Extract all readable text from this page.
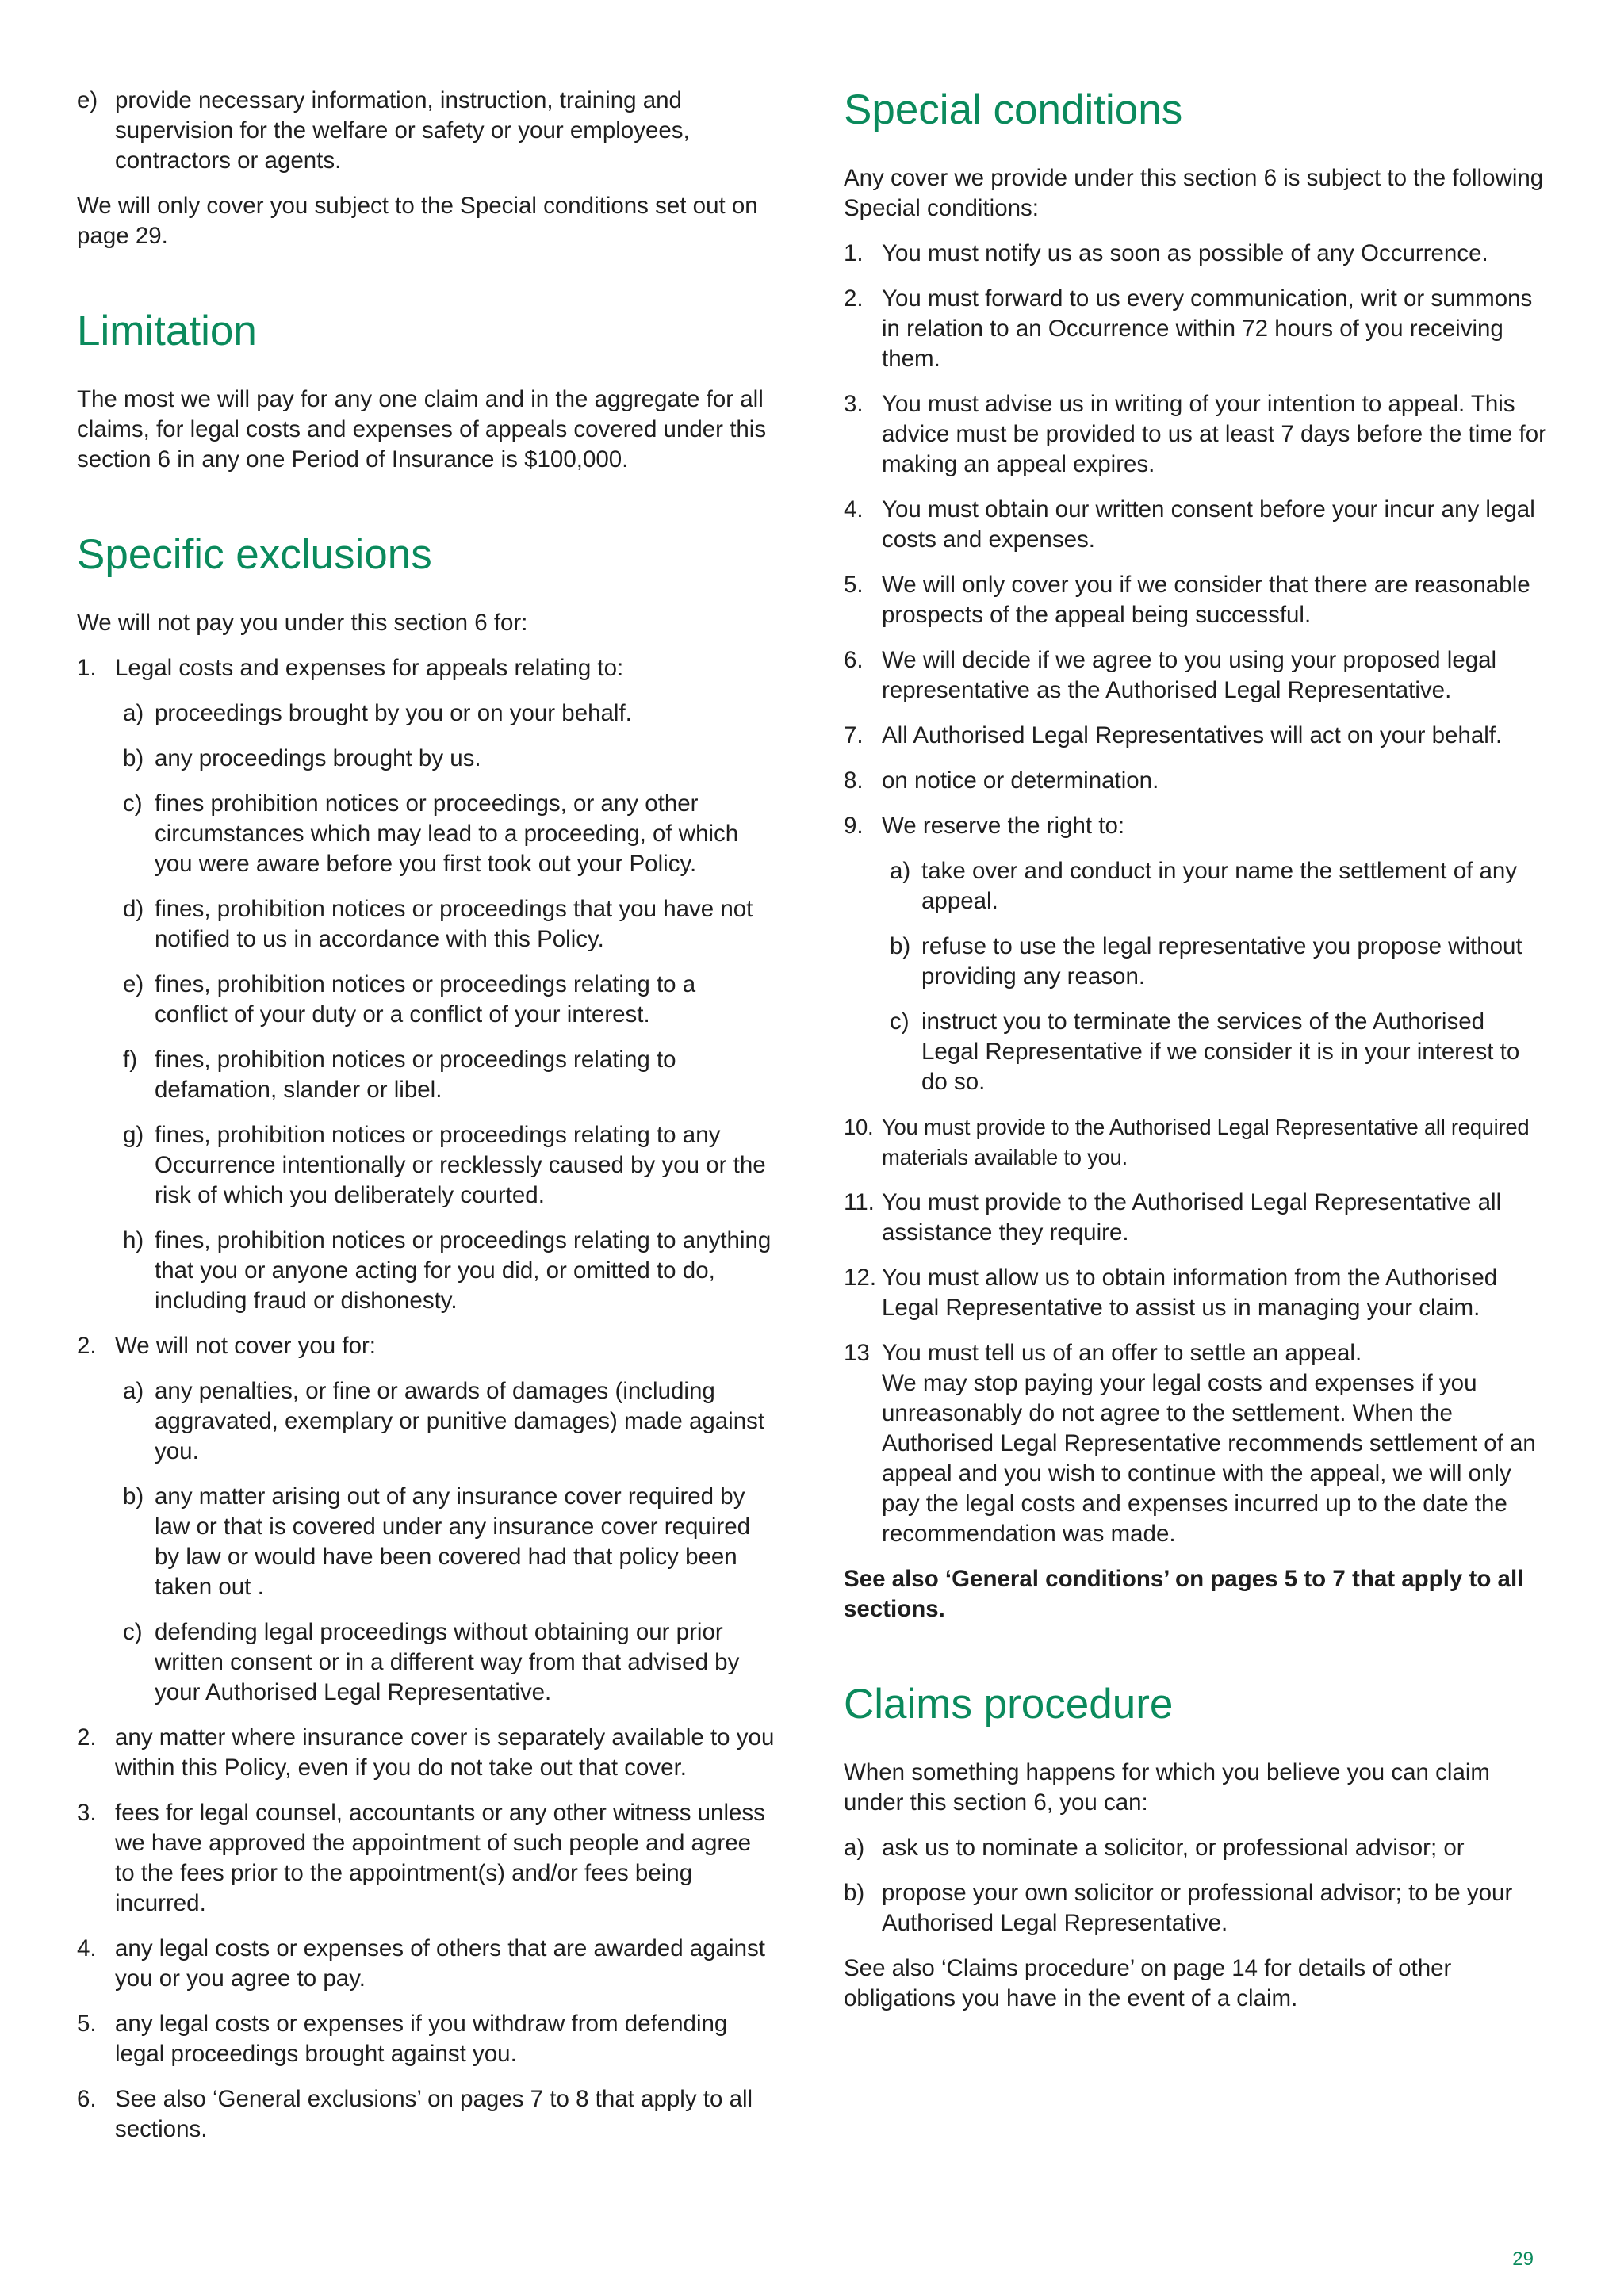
e) provide necessary information, instruction, training and supervision for the welfare or safety or your employees, contractors or agents.

We will only cover you subject to the Special conditions set out on page 29.

Limitation

The most we will pay for any one claim and in the aggregate for all claims, for legal costs and expenses of appeals covered under this section 6 in any one Period of Insurance is $100,000.

Specific exclusions

We will not pay you under this section 6 for:

1. Legal costs and expenses for appeals relating to:
a) proceedings brought by you or on your behalf.
b) any proceedings brought by us.
c) fines prohibition notices or proceedings, or any other circumstances which may lead to a proceeding, of which you were aware before you first took out your Policy.
d) fines, prohibition notices or proceedings that you have not notified to us in accordance with this Policy.
e) fines, prohibition notices or proceedings relating to a conflict of your duty or a conflict of your interest.
f) fines, prohibition notices or proceedings relating to defamation, slander or libel.
g) fines, prohibition notices or proceedings relating to any Occurrence intentionally or recklessly caused by you or the risk of which you deliberately courted.
h) fines, prohibition notices or proceedings relating to anything that you or anyone acting for you did, or omitted to do, including fraud or dishonesty.
2. We will not cover you for:
a) any penalties, or fine or awards of damages (including aggravated, exemplary or punitive damages) made against you.
b) any matter arising out of any insurance cover required by law or that is covered under any insurance cover required by law or would have been covered had that policy been taken out .
c) defending legal proceedings without obtaining our prior written consent or in a different way from that advised by your Authorised Legal Representative.
2. any matter where insurance cover is separately available to you within this Policy, even if you do not take out that cover.
3. fees for legal counsel, accountants or any other witness unless we have approved the appointment of such people and agree to the fees prior to the appointment(s) and/or fees being incurred.
4. any legal costs or expenses of others that are awarded against you or you agree to pay.
5. any legal costs or expenses if you withdraw from defending legal proceedings brought against you.
6. See also ‘General exclusions’ on pages 7 to 8 that apply to all sections.
Special conditions

Any cover we provide under this section 6 is subject to the following Special conditions:

1. You must notify us as soon as possible of any Occurrence.
2. You must forward to us every communication, writ or summons in relation to an Occurrence within 72 hours of you receiving them.
3. You must advise us in writing of your intention to appeal. This advice must be provided to us at least 7 days before the time for making an appeal expires.
4. You must obtain our written consent before your incur any legal costs and expenses.
5. We will only cover you if we consider that there are reasonable prospects of the appeal being successful.
6. We will decide if we agree to you using your proposed legal representative as the Authorised Legal Representative.
7. All Authorised Legal Representatives will act on your behalf.
8. on notice or determination.
9. We reserve the right to:
a) take over and conduct in your name the settlement of any appeal.
b) refuse to use the legal representative you propose without providing any reason.
c) instruct you to terminate the services of the Authorised Legal Representative if we consider it is in your interest to do so.
10. You must provide to the Authorised Legal Representative all required materials available to you.
11. You must provide to the Authorised Legal Representative all assistance they require.
12. You must allow us to obtain information from the Authorised Legal Representative to assist us in managing your claim.
13 You must tell us of an offer to settle an appeal.
We may stop paying your legal costs and expenses if you unreasonably do not agree to the settlement. When the Authorised Legal Representative recommends settlement of an appeal and you wish to continue with the appeal, we will only pay the legal costs and expenses incurred up to the date the recommendation was made.

See also ‘General conditions’ on pages 5 to 7 that apply to all sections.

Claims procedure

When something happens for which you believe you can claim under this section 6, you can:

a) ask us to nominate a solicitor, or professional advisor; or
b) propose your own solicitor or professional advisor; to be your Authorised Legal Representative.

See also ‘Claims procedure’ on page 14 for details of other obligations you have in the event of a claim.

29
